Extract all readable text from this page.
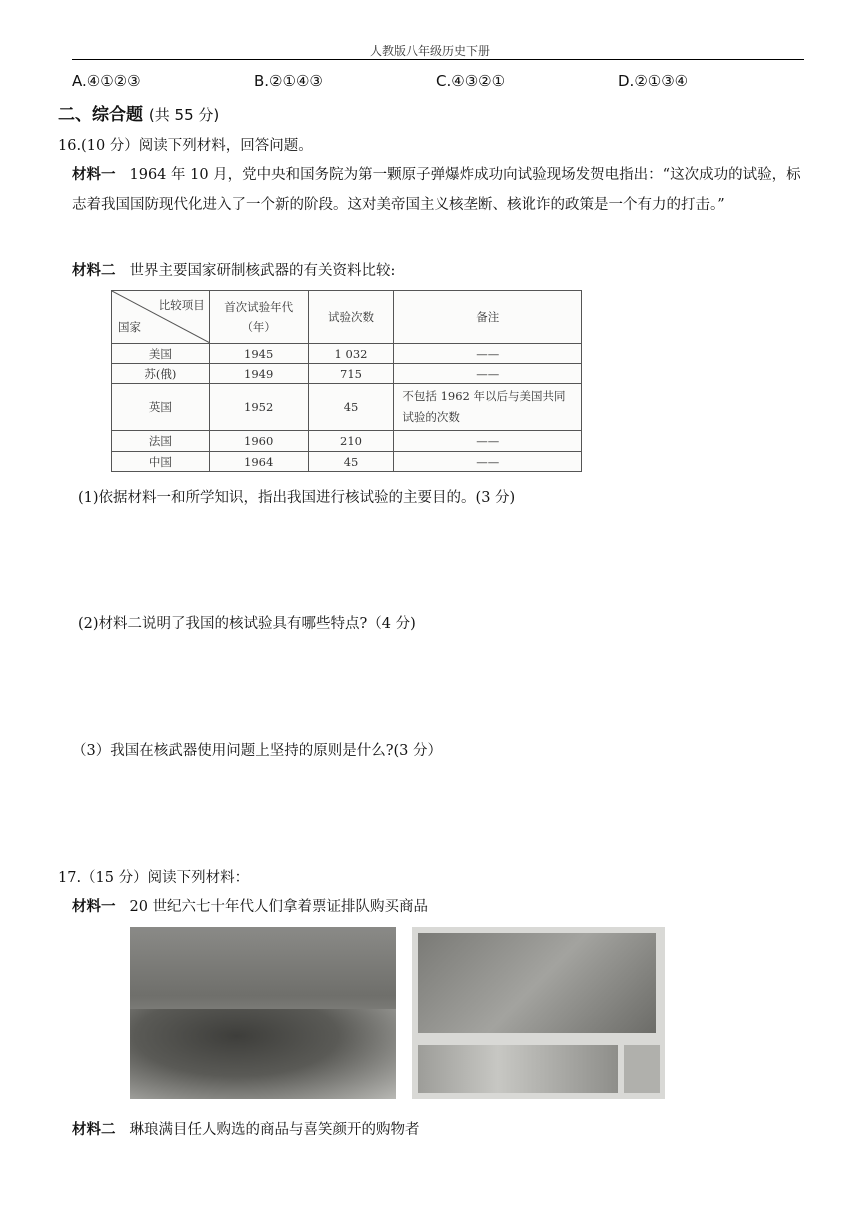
人教版八年级历史下册
A.④①②③	B.②①④③	C.④③②①	D.②①③④
二、综合题 (共 55 分)
16.(10 分）阅读下列材料，回答问题。
材料一 1964 年 10 月，党中央和国务院为第一颗原子弹爆炸成功向试验现场发贺电指出：“这次成功的试验，标志着我国国防现代化进入了一个新的阶段。这对美帝国主义核垄断、核讹诈的政策是一个有力的打击。”
材料二 世界主要国家研制核武器的有关资料比较:
比较项目
国家	首次试验年代（年）	试验次数	备注
美国	1945	1 032	——
苏(俄)	1949	715	——
英国	1952	45	不包括 1962 年以后与美国共同试验的次数
法国	1960	210	——
中国	1964	45	——
(1)依据材料一和所学知识，指出我国进行核试验的主要目的。(3 分)
(2)材料二说明了我国的核试验具有哪些特点?（4 分)
（3）我国在核武器使用问题上坚持的原则是什么?(3 分）
17.（15 分）阅读下列材料：
材料一 20 世纪六七十年代人们拿着票证排队购买商品
材料二 琳琅满目任人购选的商品与喜笑颜开的购物者
